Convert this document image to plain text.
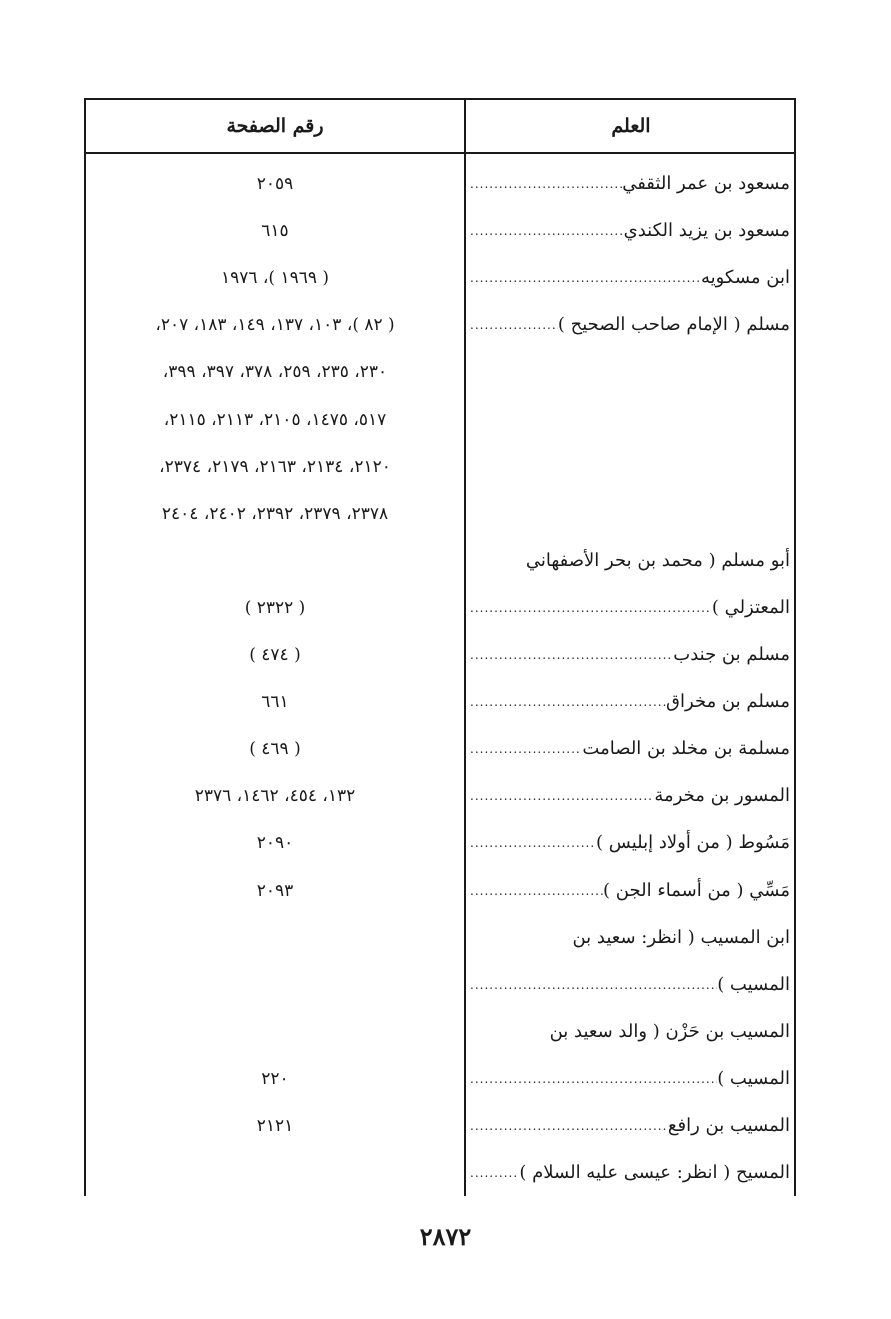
العلم
رقم الصفحة
مسعود بن عمر الثقفي
.....
٢٠٥٩
مسعود بن يزيد الكندي
.....
٦١٥
ابن مسكويه
.....
( ١٩٦٩ )، ١٩٧٦
مسلم ( الإمام صاحب الصحيح )
.....
( ٨٢ )، ١٠٣، ١٣٧، ١٤٩، ١٨٣، ٢٠٧،
٢٣٠، ٢٣٥، ٢٥٩، ٣٧٨، ٣٩٧، ٣٩٩،
٥١٧، ١٤٧٥، ٢١٠٥، ٢١١٣، ٢١١٥،
٢١٢٠، ٢١٣٤، ٢١٦٣، ٢١٧٩، ٢٣٧٤،
٢٣٧٨، ٢٣٧٩، ٢٣٩٢، ٢٤٠٢، ٢٤٠٤
أبو مسلم ( محمد بن بحر الأصفهاني
المعتزلي )
.....
( ٢٣٢٢ )
مسلم بن جندب
.....
( ٤٧٤ )
مسلم بن مخراق
.....
٦٦١
مسلمة بن مخلد بن الصامت
.....
( ٤٦٩ )
المسور بن مخرمة
.....
١٣٢، ٤٥٤، ١٤٦٢، ٢٣٧٦
مَسُوط ( من أولاد إبليس )
.....
٢٠٩٠
مَسِّي ( من أسماء الجن )
.....
٢٠٩٣
ابن المسيب ( انظر: سعيد بن
المسيب )
.....
المسيب بن حَزْن ( والد سعيد بن
المسيب )
.....
٢٢٠
المسيب بن رافع
.....
٢١٢١
المسيح ( انظر: عيسى عليه السلام )
.....
٢٨٧٢
